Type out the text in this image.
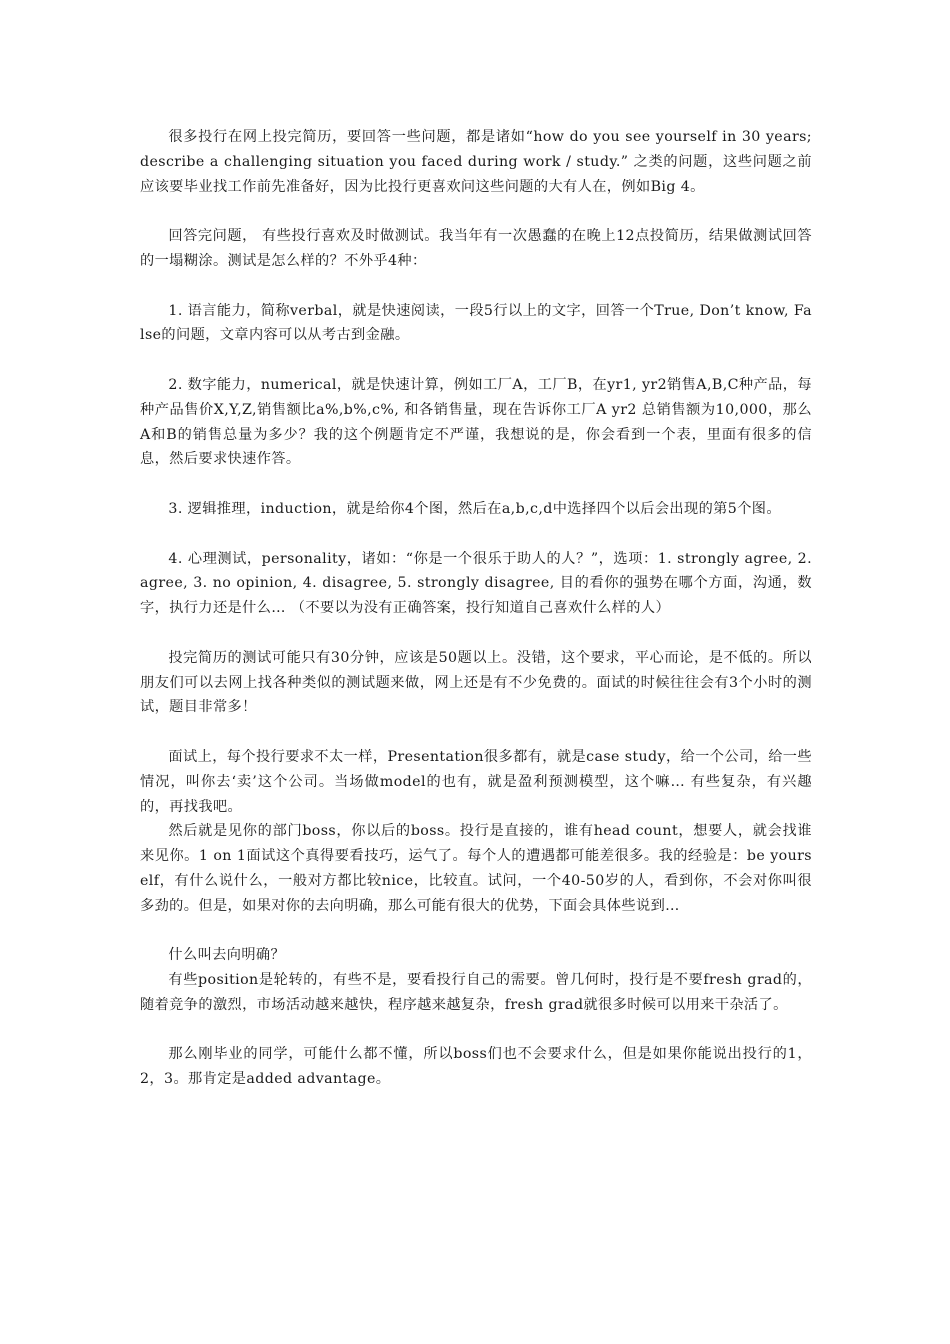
很多投行在网上投完简历，要回答一些问题，都是诸如“how do you see yourself in 30 years; describe a challenging situation you faced during work / study.” 之类的问题，这些问题之前应该要毕业找工作前先准备好，因为比投行更喜欢问这些问题的大有人在，例如Big 4。

回答完问题， 有些投行喜欢及时做测试。我当年有一次愚蠢的在晚上12点投简历，结果做测试回答的一塌糊涂。测试是怎么样的？不外乎4种：

1. 语言能力，简称verbal，就是快速阅读，一段5行以上的文字，回答一个True, Don’t know, False的问题，文章内容可以从考古到金融。

2. 数字能力，numerical，就是快速计算，例如工厂A，工厂B，在yr1, yr2销售A,B,C种产品，每种产品售价X,Y,Z,销售额比a%,b%,c%, 和各销售量，现在告诉你工厂A yr2 总销售额为10,000，那么A和B的销售总量为多少？我的这个例题肯定不严谨，我想说的是，你会看到一个表，里面有很多的信息，然后要求快速作答。

3. 逻辑推理，induction，就是给你4个图，然后在a,b,c,d中选择四个以后会出现的第5个图。

4. 心理测试，personality，诸如：“你是一个很乐于助人的人？”，选项：1. strongly agree, 2. agree, 3. no opinion, 4. disagree, 5. strongly disagree, 目的看你的强势在哪个方面，沟通，数字，执行力还是什么… （不要以为没有正确答案，投行知道自己喜欢什么样的人）

投完简历的测试可能只有30分钟，应该是50题以上。没错，这个要求，平心而论，是不低的。所以朋友们可以去网上找各种类似的测试题来做，网上还是有不少免费的。面试的时候往往会有3个小时的测试，题目非常多！

面试上，每个投行要求不太一样，Presentation很多都有，就是case study，给一个公司，给一些情况，叫你去‘卖’这个公司。当场做model的也有，就是盈利预测模型，这个嘛… 有些复杂，有兴趣的，再找我吧。

然后就是见你的部门boss，你以后的boss。投行是直接的，谁有head count，想要人，就会找谁来见你。1 on 1面试这个真得要看技巧，运气了。每个人的遭遇都可能差很多。我的经验是：be yourself，有什么说什么，一般对方都比较nice，比较直。试问，一个40-50岁的人，看到你，不会对你叫很多劲的。但是，如果对你的去向明确，那么可能有很大的优势，下面会具体些说到…

什么叫去向明确？

有些position是轮转的，有些不是，要看投行自己的需要。曾几何时，投行是不要fresh grad的，随着竞争的激烈，市场活动越来越快，程序越来越复杂，fresh grad就很多时候可以用来干杂活了。

那么刚毕业的同学，可能什么都不懂，所以boss们也不会要求什么，但是如果你能说出投行的1，2，3。那肯定是added advantage。
